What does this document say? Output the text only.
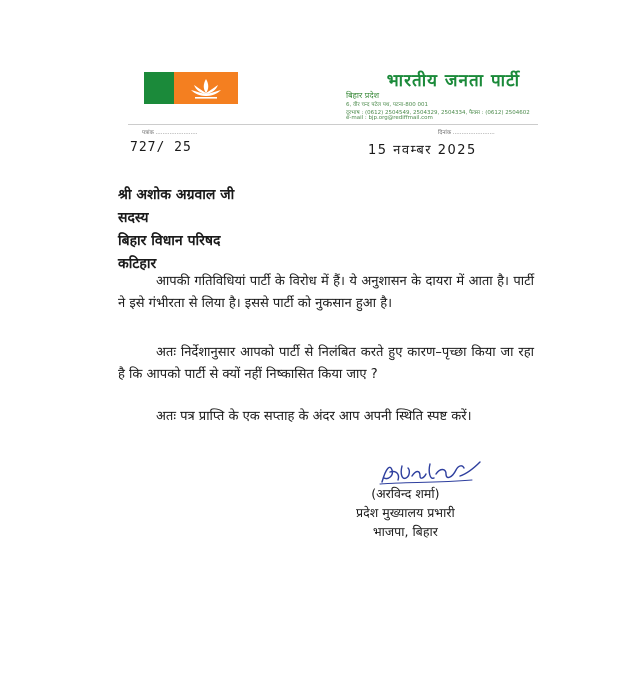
भारतीय जनता पार्टी
बिहार प्रदेश
6, वीर चन्द पटेल पथ, पटना-800 001
दूरभाष : (0612) 2504549, 2504329, 2504334, फैक्स : (0612) 2504602
e-mail : bjp.org@rediffmail.com
पत्रांक ........................	दिनांक ........................
727/ 25	15 नवम्बर 2025
श्री अशोक अग्रवाल जी
सदस्य
बिहार विधान परिषद
कटिहार
आपकी गतिविधियां पार्टी के विरोध में हैं। ये अनुशासन के दायरा में आता है। पार्टी ने इसे गंभीरता से लिया है। इससे पार्टी को नुकसान हुआ है।
अतः निर्देशानुसार आपको पार्टी से निलंबित करते हुए कारण–पृच्छा किया जा रहा है कि आपको पार्टी से क्यों नहीं निष्कासित किया जाए ?
अतः पत्र प्राप्ति के एक सप्ताह के अंदर आप अपनी स्थिति स्पष्ट करें।
(अरविन्द शर्मा)
प्रदेश मुख्यालय प्रभारी
भाजपा, बिहार
